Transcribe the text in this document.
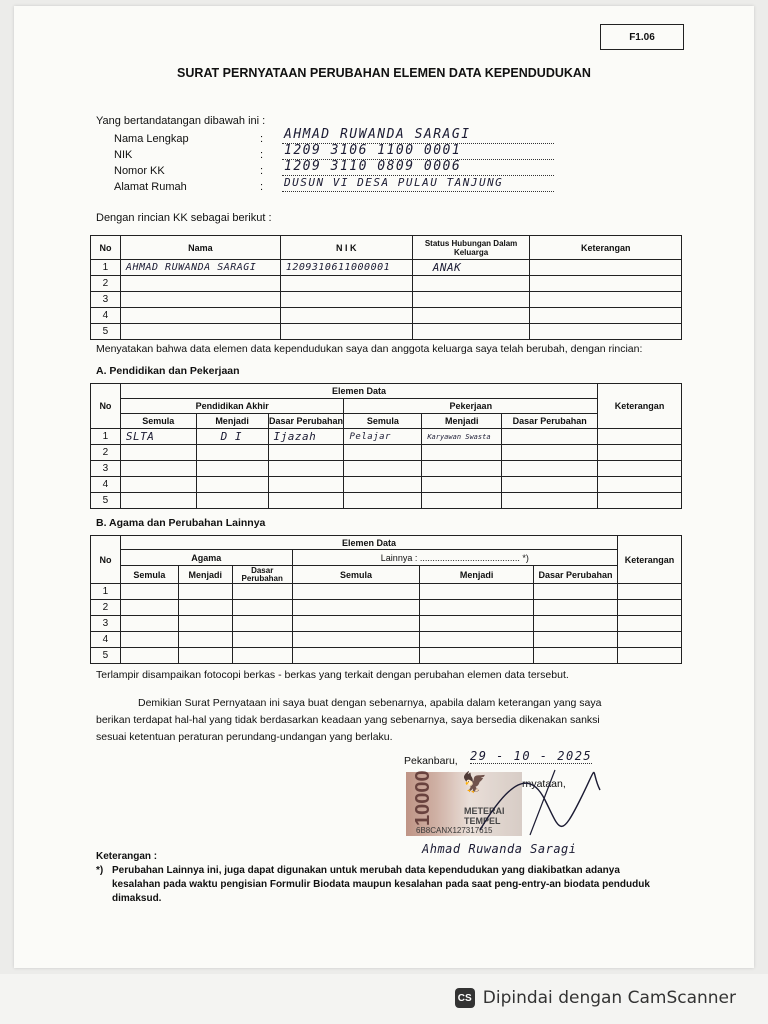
F1.06
SURAT PERNYATAAN PERUBAHAN ELEMEN DATA KEPENDUDUKAN
Yang bertandatangan dibawah ini :
Nama Lengkap	: AHMAD RUWANDA SARAGI
NIK	: 1209 3106 1100 0001
Nomor KK	: 1209 3110 0809 0006
Alamat Rumah	: DUSUN VI DESA PULAU TANJUNG
Dengan rincian KK sebagai berikut :
No	Nama	N I K	Status Hubungan Dalam Keluarga	Keterangan
1	AHMAD RUWANDA SARAGI	1209310611000001	ANAK	
2				
3				
4				
5				
Menyatakan bahwa data elemen data kependudukan saya dan anggota keluarga saya telah berubah, dengan rincian:
A. Pendidikan dan Pekerjaan
No	Elemen Data						Keterangan
	Pendidikan Akhir			Pekerjaan			
	Semula	Menjadi	Dasar Perubahan	Semula	Menjadi	Dasar Perubahan	
1	SLTA	D I	Ijazah	Pelajar	Karyawan Swasta		
2							
3							
4							
5							
B. Agama dan Perubahan Lainnya
No	Elemen Data						Keterangan
	Agama			Lainnya : ........................................ *)			
	Semula	Menjadi	Dasar Perubahan	Semula	Menjadi	Dasar Perubahan	
1							
2							
3							
4							
5							
Terlampir disampaikan fotocopi berkas - berkas yang terkait dengan perubahan elemen data tersebut.
Demikian Surat Pernyataan ini saya buat dengan sebenarnya, apabila dalam keterangan yang saya
berikan terdapat hal-hal yang tidak berdasarkan keadaan yang sebenarnya, saya bersedia dikenakan sanksi
sesuai ketentuan peraturan perundang-undangan yang berlaku.
Pekanbaru, 29 - 10 - 2025
10000	METERAI TEMPEL
6B8CANX127317615
🦅	rnyataan,
Ahmad Ruwanda Saragi
Keterangan :
*) Perubahan Lainnya ini, juga dapat digunakan untuk merubah data kependudukan yang diakibatkan adanya
kesalahan pada waktu pengisian Formulir Biodata maupun kesalahan pada saat peng-entry-an biodata penduduk
dimaksud.
CS Dipindai dengan CamScanner
